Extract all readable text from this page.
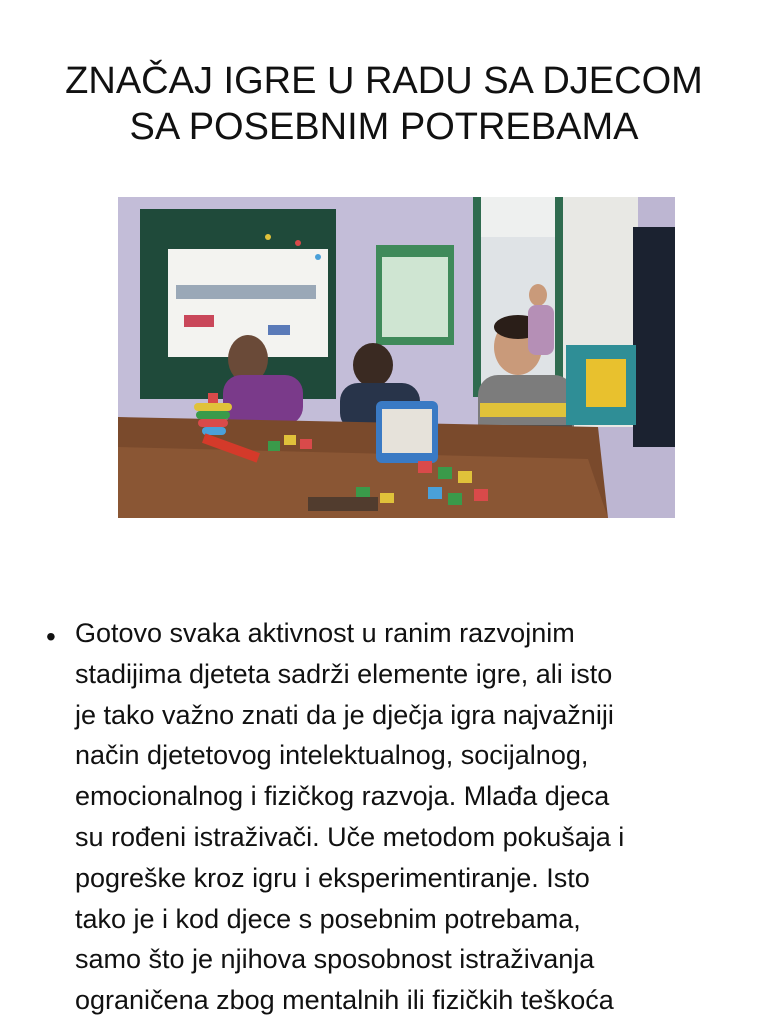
ZNAČAJ IGRE U RADU SA DJECOM
SA POSEBNIM POTREBAMA
• Gotovo svaka aktivnost u ranim razvojnim
stadijima djeteta sadrži elemente igre, ali isto
je tako važno znati da je dječja igra najvažniji
način djetetovog intelektualnog, socijalnog,
emocionalnog i fizičkog razvoja. Mlađa djeca
su rođeni istraživači. Uče metodom pokušaja i
pogreške kroz igru i eksperimentiranje. Isto
tako je i kod djece s posebnim potrebama,
samo što je njihova sposobnost istraživanja
ograničena zbog mentalnih ili fizičkih teškoća
